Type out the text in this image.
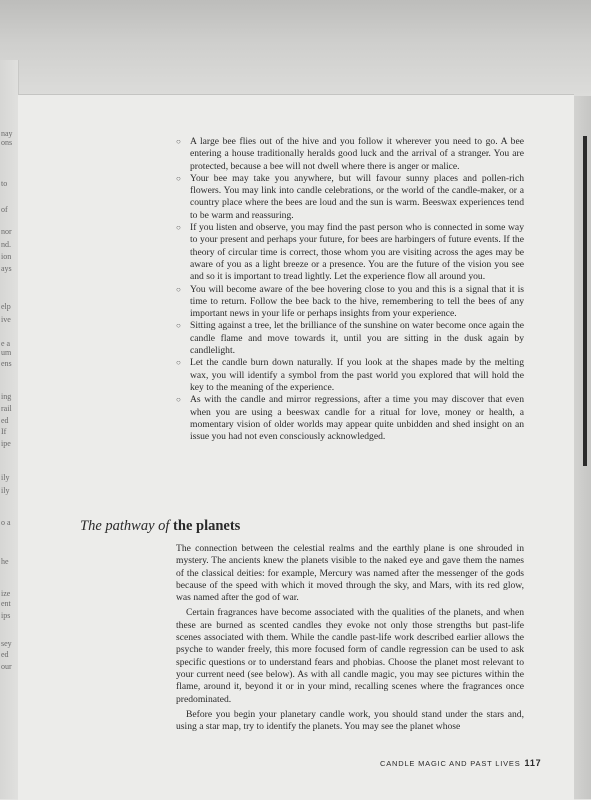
nay
ons
to
of
nor
nd.
ion
ays
elp
ive
e a
um
ens
ing
rail
ed
If
ipe
ily
ily
o a
he
ize
ent
ips
sey
ed
our
○ A large bee flies out of the hive and you follow it wherever you need to go. A bee entering a house traditionally heralds good luck and the arrival of a stranger. You are protected, because a bee will not dwell where there is anger or malice.
○ Your bee may take you anywhere, but will favour sunny places and pollen-rich flowers. You may link into candle celebrations, or the world of the candle-maker, or a country place where the bees are loud and the sun is warm. Beeswax experiences tend to be warm and reassuring.
○ If you listen and observe, you may find the past person who is connected in some way to your present and perhaps your future, for bees are harbingers of future events. If the theory of circular time is correct, those whom you are visiting across the ages may be aware of you as a light breeze or a presence. You are the future of the vision you see and so it is important to tread lightly. Let the experience flow all around you.
○ You will become aware of the bee hovering close to you and this is a signal that it is time to return. Follow the bee back to the hive, remembering to tell the bees of any important news in your life or perhaps insights from your experience.
○ Sitting against a tree, let the brilliance of the sunshine on water become once again the candle flame and move towards it, until you are sitting in the dusk again by candlelight.
○ Let the candle burn down naturally. If you look at the shapes made by the melting wax, you will identify a symbol from the past world you explored that will hold the key to the meaning of the experience.
○ As with the candle and mirror regressions, after a time you may discover that even when you are using a beeswax candle for a ritual for love, money or health, a momentary vision of older worlds may appear quite unbidden and shed insight on an issue you had not even consciously acknowledged.
The pathway of the planets

The connection between the celestial realms and the earthly plane is one shrouded in mystery. The ancients knew the planets visible to the naked eye and gave them the names of the classical deities: for example, Mercury was named after the messenger of the gods because of the speed with which it moved through the sky, and Mars, with its red glow, was named after the god of war.

Certain fragrances have become associated with the qualities of the planets, and when these are burned as scented candles they evoke not only those strengths but past-life scenes associated with them. While the candle past-life work described earlier allows the psyche to wander freely, this more focused form of candle regression can be used to ask specific questions or to understand fears and phobias. Choose the planet most relevant to your current need (see below). As with all candle magic, you may see pictures within the flame, around it, beyond it or in your mind, recalling scenes where the fragrances once predominated.

Before you begin your planetary candle work, you should stand under the stars and, using a star map, try to identify the planets. You may see the planet whose

CANDLE MAGIC AND PAST LIVES 117
